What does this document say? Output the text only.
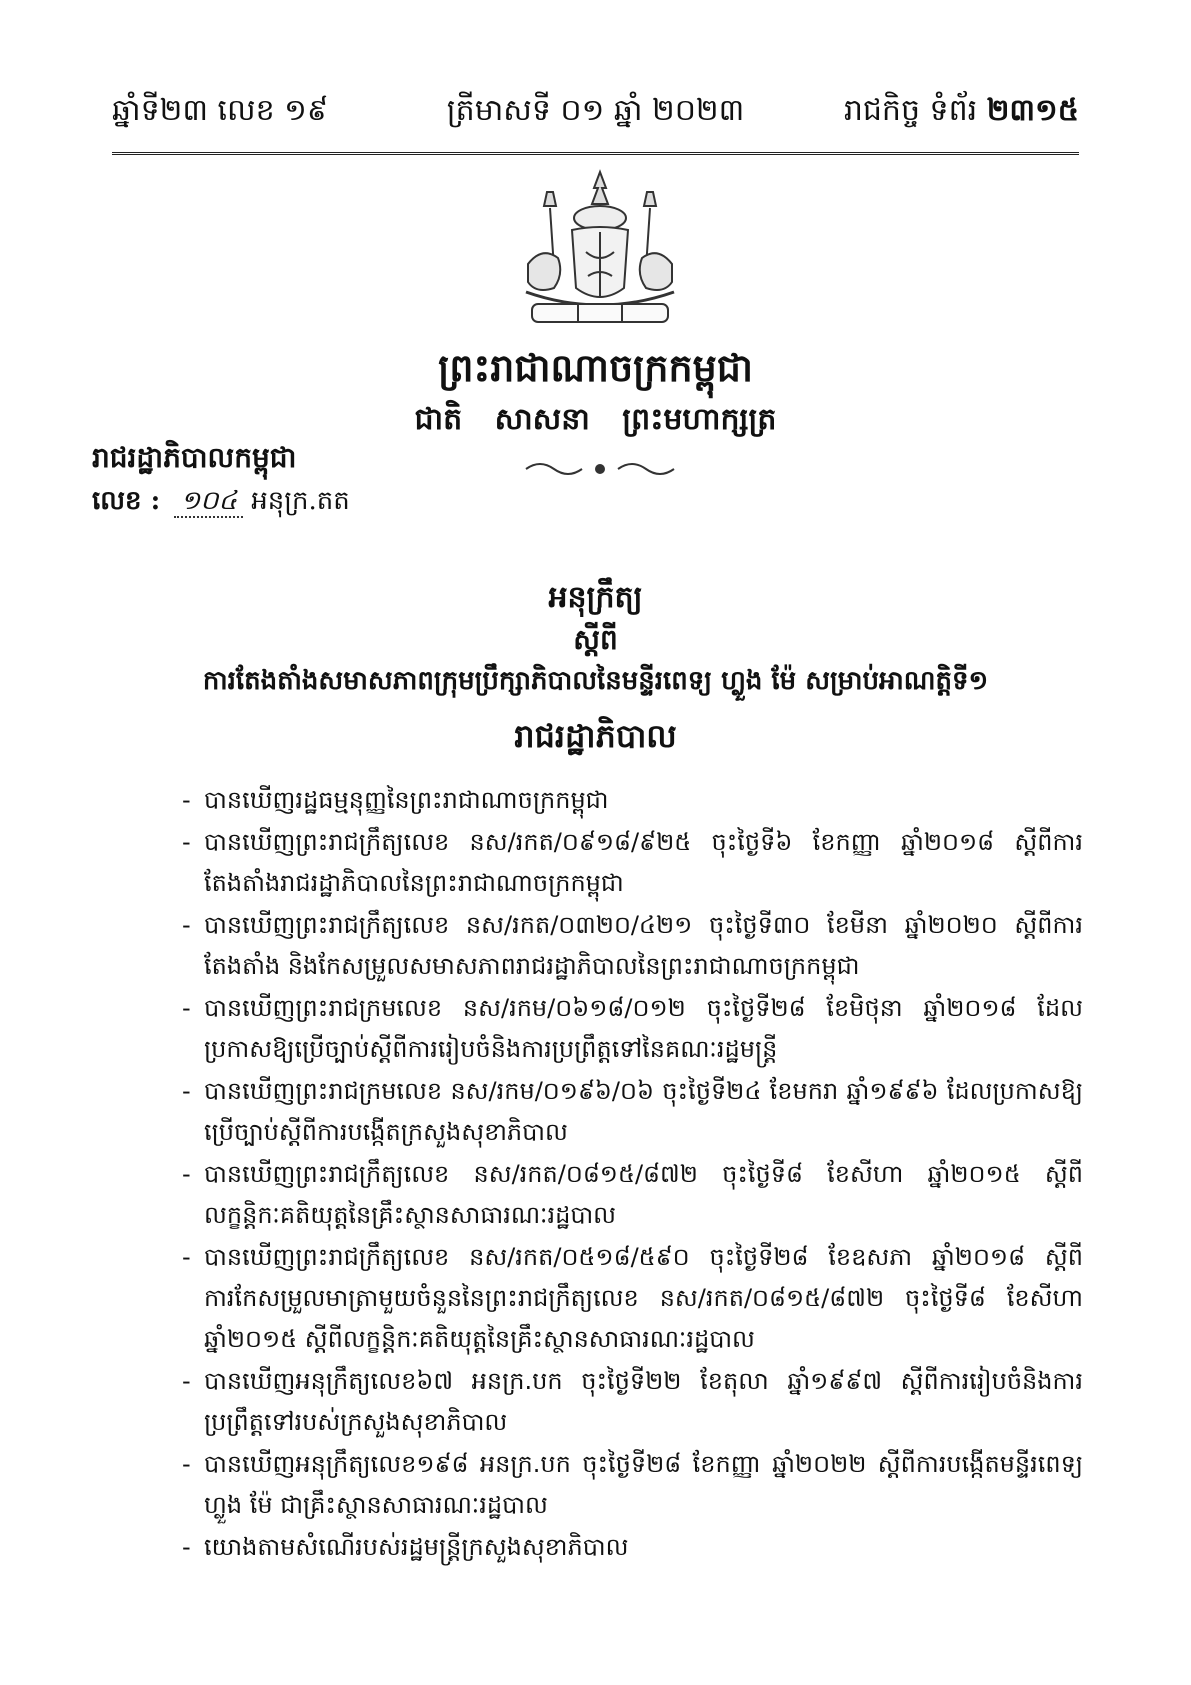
ឆ្នាំទី២៣ លេខ ១៩	ត្រីមាសទី ០១ ឆ្នាំ ២០២៣	រាជកិច្ច ទំព័រ ២៣១៥
ព្រះរាជាណាចក្រកម្ពុជា
ជាតិ សាសនា ព្រះមហាក្សត្រ
រាជរដ្ឋាភិបាលកម្ពុជា
លេខ : ១០៤ អនុក្រ.តត
អនុក្រឹត្យ
ស្តីពី
ការតែងតាំងសមាសភាពក្រុមប្រឹក្សាភិបាលនៃមន្ទីរពេទ្យ ហ្លួង ម៉ែ សម្រាប់អាណត្តិទី១
រាជរដ្ឋាភិបាល
- បានឃើញរដ្ឋធម្មនុញ្ញនៃព្រះរាជាណាចក្រកម្ពុជា
- បានឃើញព្រះរាជក្រឹត្យលេខ នស/រកត/០៩១៨/៩២៥ ចុះថ្ងៃទី៦ ខែកញ្ញា ឆ្នាំ២០១៨ ស្តីពីការតែងតាំងរាជរដ្ឋាភិបាលនៃព្រះរាជាណាចក្រកម្ពុជា
- បានឃើញព្រះរាជក្រឹត្យលេខ នស/រកត/០៣២០/៤២១ ចុះថ្ងៃទី៣០ ខែមីនា ឆ្នាំ២០២០ ស្តីពីការតែងតាំង និងកែសម្រួលសមាសភាពរាជរដ្ឋាភិបាលនៃព្រះរាជាណាចក្រកម្ពុជា
- បានឃើញព្រះរាជក្រមលេខ នស/រកម/០៦១៨/០១២ ចុះថ្ងៃទី២៨ ខែមិថុនា ឆ្នាំ២០១៨ ដែលប្រកាសឱ្យប្រើច្បាប់ស្តីពីការរៀបចំនិងការប្រព្រឹត្តទៅនៃគណៈរដ្ឋមន្ត្រី
- បានឃើញព្រះរាជក្រមលេខ នស/រកម/០១៩៦/០៦ ចុះថ្ងៃទី២៤ ខែមករា ឆ្នាំ១៩៩៦ ដែលប្រកាសឱ្យប្រើច្បាប់ស្តីពីការបង្កើតក្រសួងសុខាភិបាល
- បានឃើញព្រះរាជក្រឹត្យលេខ នស/រកត/០៨១៥/៨៧២ ចុះថ្ងៃទី៨ ខែសីហា ឆ្នាំ២០១៥ ស្តីពីលក្ខន្តិកៈគតិយុត្តនៃគ្រឹះស្ថានសាធារណៈរដ្ឋបាល
- បានឃើញព្រះរាជក្រឹត្យលេខ នស/រកត/០៥១៨/៥៩០ ចុះថ្ងៃទី២៨ ខែឧសភា ឆ្នាំ២០១៨ ស្តីពីការកែសម្រួលមាត្រាមួយចំនួននៃព្រះរាជក្រឹត្យលេខ នស/រកត/០៨១៥/៨៧២ ចុះថ្ងៃទី៨ ខែសីហា ឆ្នាំ២០១៥ ស្តីពីលក្ខន្តិកៈគតិយុត្តនៃគ្រឹះស្ថានសាធារណៈរដ្ឋបាល
- បានឃើញអនុក្រឹត្យលេខ៦៧ អនក្រ.បក ចុះថ្ងៃទី២២ ខែតុលា ឆ្នាំ១៩៩៧ ស្តីពីការរៀបចំនិងការប្រព្រឹត្តទៅរបស់ក្រសួងសុខាភិបាល
- បានឃើញអនុក្រឹត្យលេខ១៩៨ អនក្រ.បក ចុះថ្ងៃទី២៨ ខែកញ្ញា ឆ្នាំ២០២២ ស្តីពីការបង្កើតមន្ទីរពេទ្យ ហ្លួង ម៉ែ ជាគ្រឹះស្ថានសាធារណៈរដ្ឋបាល
- យោងតាមសំណើរបស់រដ្ឋមន្ត្រីក្រសួងសុខាភិបាល
